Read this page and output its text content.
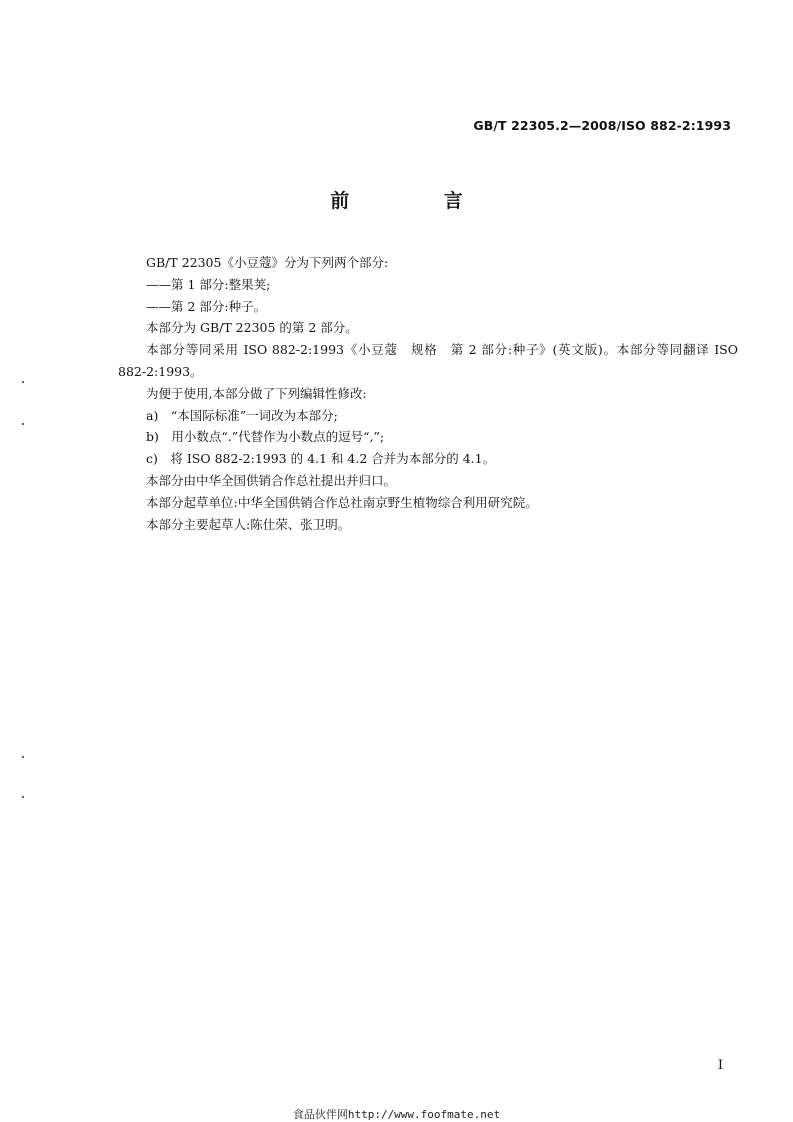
GB/T 22305.2—2008/ISO 882-2:1993
前 言

GB/T 22305《小豆蔻》分为下列两个部分:

——第 1 部分:整果荚;

——第 2 部分:种子。

本部分为 GB/T 22305 的第 2 部分。

本部分等同采用 ISO 882-2:1993《小豆蔻　规格　第 2 部分:种子》(英文版)。本部分等同翻译 ISO 882-2:1993。

为便于使用,本部分做了下列编辑性修改:

a)　“本国际标准”一词改为本部分;

b)　用小数点“.”代替作为小数点的逗号“,”;

c)　将 ISO 882-2:1993 的 4.1 和 4.2 合并为本部分的 4.1。

本部分由中华全国供销合作总社提出并归口。

本部分起草单位:中华全国供销合作总社南京野生植物综合利用研究院。

本部分主要起草人:陈仕荣、张卫明。

I
食品伙伴网http://www.foofmate.net
